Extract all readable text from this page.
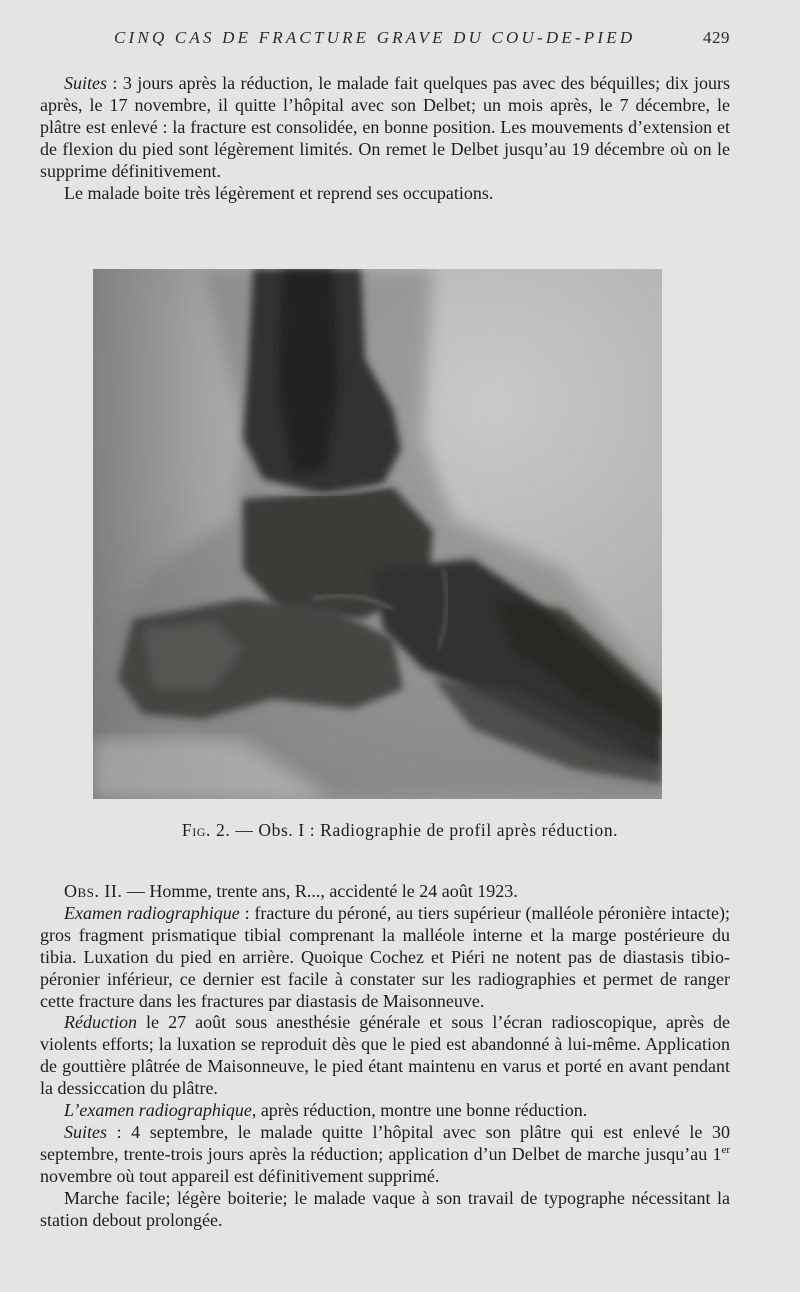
CINQ CAS DE FRACTURE GRAVE DU COU-DE-PIED	429

Suites : 3 jours après la réduction, le malade fait quelques pas avec des béquilles; dix jours après, le 17 novembre, il quitte l’hôpital avec son Delbet; un mois après, le 7 décembre, le plâtre est enlevé : la fracture est consolidée, en bonne position. Les mouvements d’extension et de flexion du pied sont légèrement limités. On remet le Delbet jusqu’au 19 décembre où on le supprime définitivement.

Le malade boite très légèrement et reprend ses occupations.

Fig. 2. — Obs. I : Radiographie de profil après réduction.

Obs. II. — Homme, trente ans, R..., accidenté le 24 août 1923.

Examen radiographique : fracture du péroné, au tiers supérieur (malléole péronière intacte); gros fragment prismatique tibial comprenant la malléole interne et la marge postérieure du tibia. Luxation du pied en arrière. Quoique Cochez et Piéri ne notent pas de diastasis tibio-péronier inférieur, ce dernier est facile à constater sur les radiographies et permet de ranger cette fracture dans les fractures par diastasis de Maisonneuve.

Réduction le 27 août sous anesthésie générale et sous l’écran radioscopique, après de violents efforts; la luxation se reproduit dès que le pied est abandonné à lui-même. Application de gouttière plâtrée de Maisonneuve, le pied étant maintenu en varus et porté en avant pendant la dessiccation du plâtre.

L’examen radiographique, après réduction, montre une bonne réduction.

Suites : 4 septembre, le malade quitte l’hôpital avec son plâtre qui est enlevé le 30 septembre, trente-trois jours après la réduction; application d’un Delbet de marche jusqu’au 1er novembre où tout appareil est définitivement supprimé.

Marche facile; légère boiterie; le malade vaque à son travail de typographe nécessitant la station debout prolongée.
